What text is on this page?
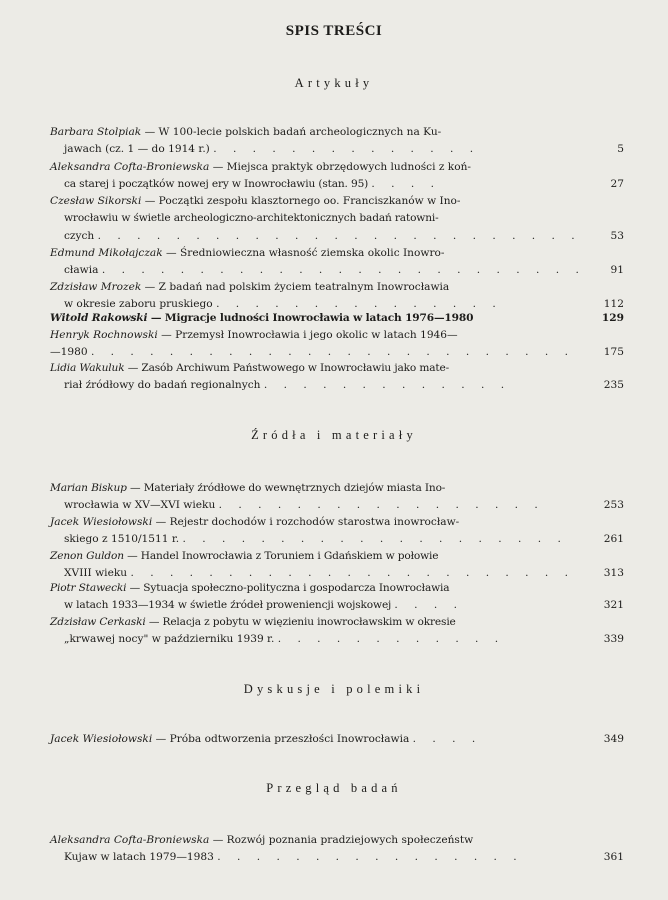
SPIS TREŚCI
Artykuły
Barbara Stolpiak — W 100-lecie polskich badań archeologicznych na Ku-
jawach (cz. 1 — do 1914 r.) . . . . . . . . . . . . . .	5
Aleksandra Cofta-Broniewska — Miejsca praktyk obrzędowych ludności z koń-
ca starej i początków nowej ery w Inowrocławiu (stan. 95) . . . .	27
Czesław Sikorski — Początki zespołu klasztornego oo. Franciszkanów w Ino-
wrocławiu w świetle archeologiczno-architektonicznych badań ratowni-
czych . . . . . . . . . . . . . . . . . . . . . . . . .	53
Edmund Mikołajczak — Średniowieczna własność ziemska okolic Inowro-
cławia . . . . . . . . . . . . . . . . . . . . . . . . . 91
Zdzisław Mrozek — Z badań nad polskim życiem teatralnym Inowrocławia
w okresie zaboru pruskiego . . . . . . . . . . . . . . .	112
Witold Rakowski — Migracje ludności Inowrocławia w latach 1976—1980	129
Henryk Rochnowski — Przemysł Inowrocławia i jego okolic w latach 1946—
—1980 . . . . . . . . . . . . . . . . . . . . . . . . .	175
Lidia Wakuluk — Zasób Archiwum Państwowego w Inowrocławiu jako mate-
riał źródłowy do badań regionalnych . . . . . . . . . . . . .	235
Źródła i materiały
Marian Biskup — Materiały źródłowe do wewnętrznych dziejów miasta Ino-
wrocławia w XV—XVI wieku . . . . . . . . . . . . . . . . .	253
Jacek Wiesiołowski — Rejestr dochodów i rozchodów starostwa inowrocław-
skiego z 1510/1511 r. . . . . . . . . . . . . . . . . . . . .	261
Zenon Guldon — Handel Inowrocławia z Toruniem i Gdańskiem w połowie
XVIII wieku . . . . . . . . . . . . . . . . . . . . . . .	313
Piotr Stawecki — Sytuacja społeczno-polityczna i gospodarcza Inowrocławia
w latach 1933—1934 w świetle źródeł proweniencji wojskowej . . . .	321
Zdzisław Cerkaski — Relacja z pobytu w więzieniu inowrocławskim w okresie
„krwawej nocy" w październiku 1939 r. . . . . . . . . . . . .	339
Dyskusje i polemiki
Jacek Wiesiołowski — Próba odtworzenia przeszłości Inowrocławia . . . .	349
Przegląd badań
Aleksandra Cofta-Broniewska — Rozwój poznania pradziejowych społeczeństw
Kujaw w latach 1979—1983 . . . . . . . . . . . . . . . .	361
